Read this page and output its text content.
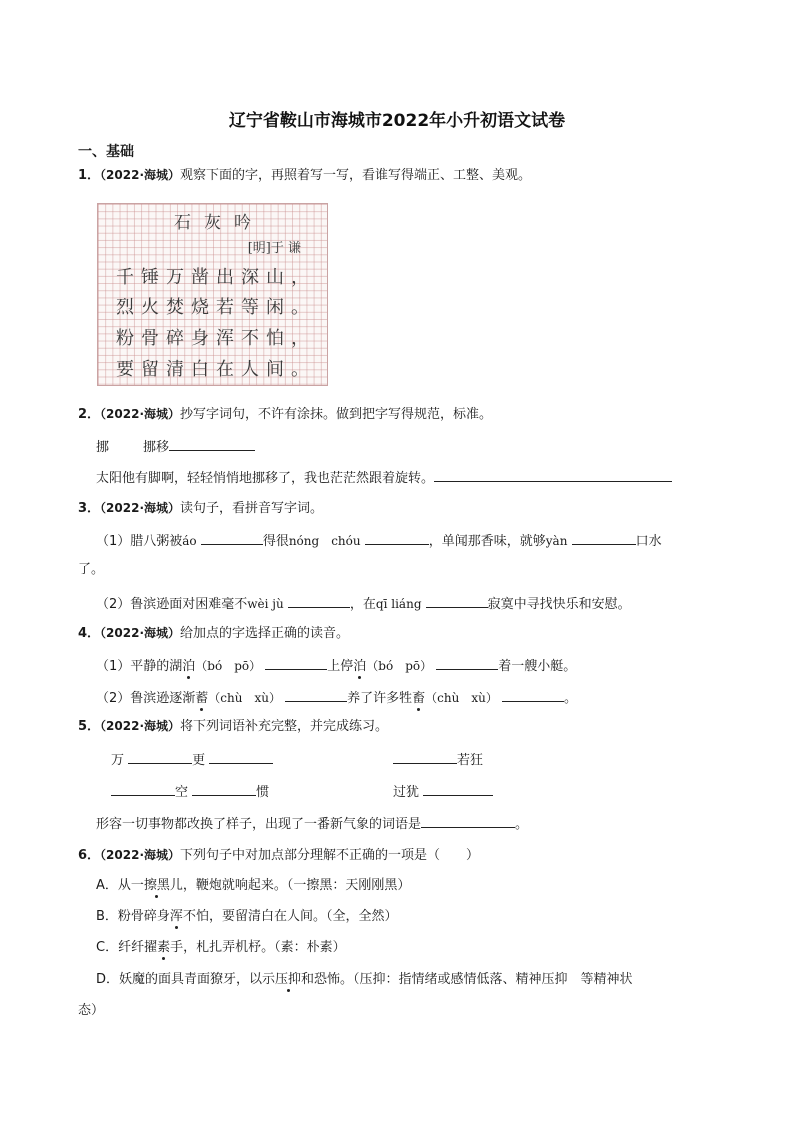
辽宁省鞍山市海城市2022年小升初语文试卷
一、基础
1．（2022·海城）观察下面的字，再照着写一写，看谁写得端正、工整、美观。
石 灰 吟
[明]于 谦
千 锤 万 凿 出 深 山 ，
烈 火 焚 烧 若 等 闲 。
粉 骨 碎 身 浑 不 怕 ，
要 留 清 白 在 人 间 。
2．（2022·海城）抄写字词句，不许有涂抹。做到把字写得规范，标准。
挪	挪移
太阳他有脚啊，轻轻悄悄地挪移了，我也茫茫然跟着旋转。
3．（2022·海城）读句子，看拼音写字词。
（1）腊八粥被áo	得很nóng　chóu	，单闻那香味，就够yàn	口水
了。
（2）鲁滨逊面对困难毫不wèi jù	，在qī liáng	寂寞中寻找快乐和安慰。
4．（2022·海城）给加点的字选择正确的读音。
（1）平静的湖泊（bó　pō）	上停泊（bó　pō）	着一艘小艇。
（2）鲁滨逊逐渐蓄（chù　xù）	养了许多牲畜（chù　xù）	。
5．（2022·海城）将下列词语补充完整，并完成练习。
万	更	若狂
空	惯	过犹
形容一切事物都改换了样子，出现了一番新气象的词语是	。
6．（2022·海城）下列句子中对加点部分理解不正确的一项是（　　）
A．从一擦黑儿，鞭炮就响起来。（一擦黑：天刚刚黑）
B．粉骨碎身浑不怕，要留清白在人间。（全，全然）
C．纤纤擢素手，札扎弄机杼。（素：朴素）
D．妖魔的面具青面獠牙，以示压抑和恐怖。（压抑：指情绪或感情低落、精神压抑　等精神状
态）
